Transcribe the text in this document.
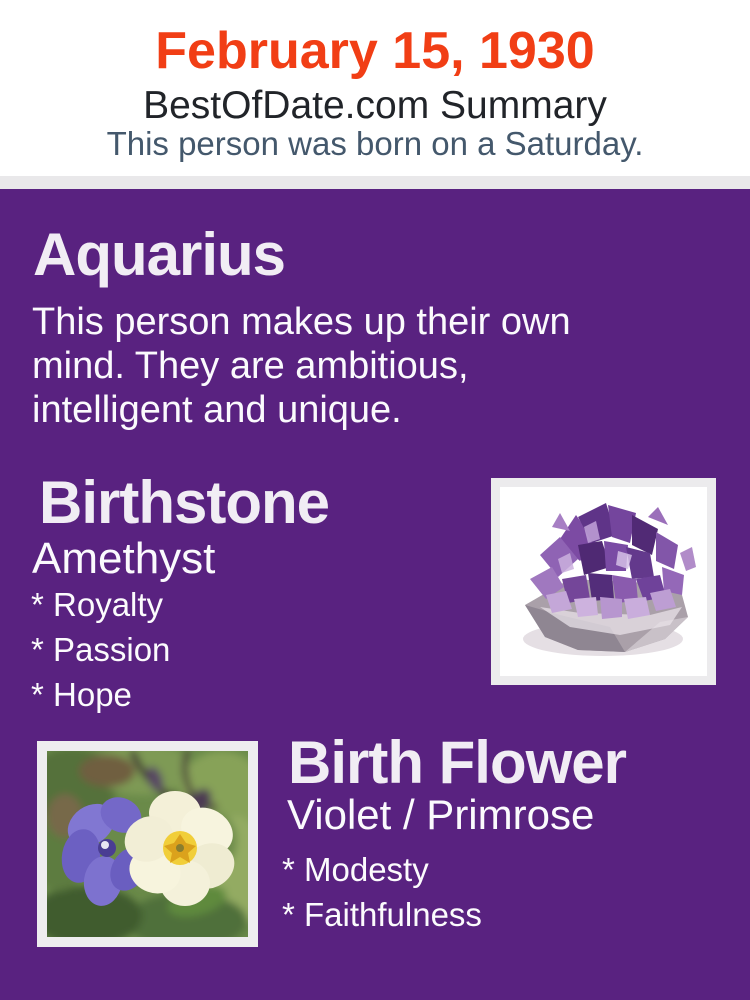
February 15, 1930
BestOfDate.com Summary
This person was born on a Saturday.
Aquarius
This person makes up their own
mind. They are ambitious,
intelligent and unique.
Birthstone
Amethyst
* Royalty
* Passion
* Hope
Birth Flower
Violet / Primrose
* Modesty
* Faithfulness
